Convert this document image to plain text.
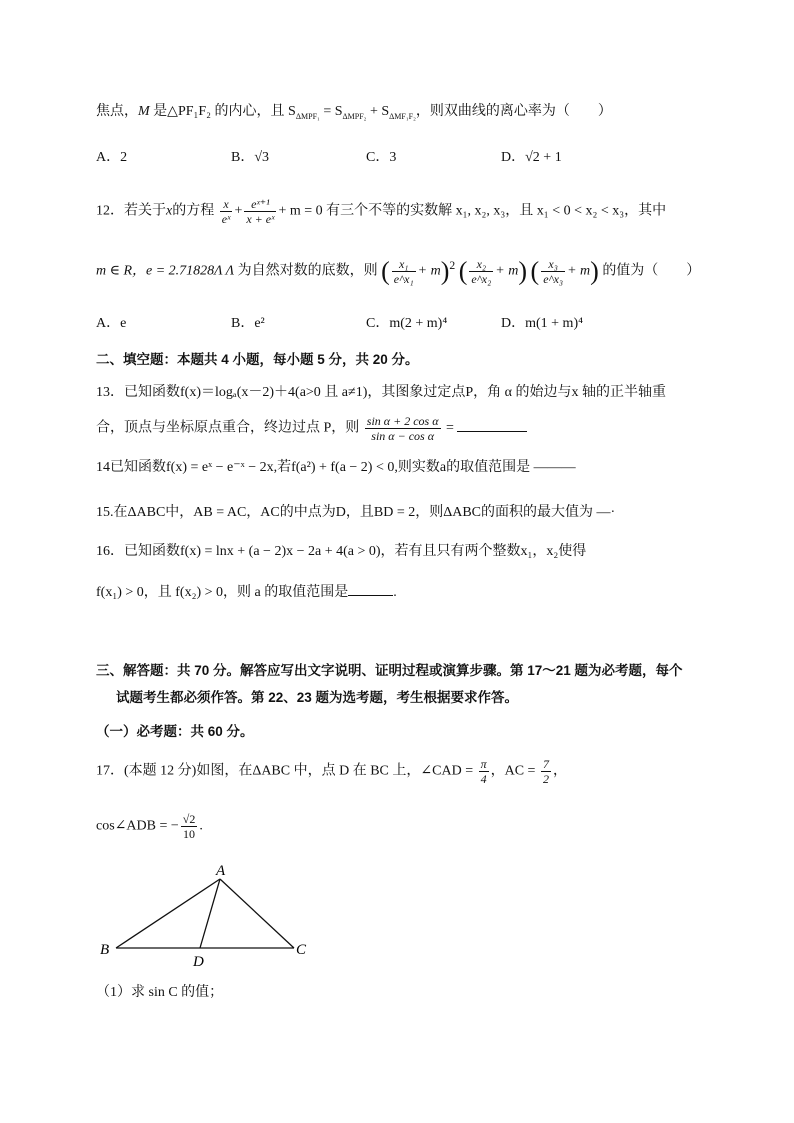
焦点，M 是△PF₁F₂ 的内心，且 $S_{\Delta MPF_1} = S_{\Delta MPF_2} + S_{\Delta MF_1F_2}$，则双曲线的离心率为（　　）
A．2	B．√3	C．3	D．√2 + 1
12．若关于x的方程 $\frac{x}{\text{eˣ}} + \frac{\text{eˣ⁺¹}}{\text{x + eˣ}} + m = 0$ 有三个不等的实数解 x₁, x₂, x₃，且 x₁ < 0 < x₂ < x₃，其中
m ∈ R，e = 2.71828Λ Λ 为自然对数的底数，则 ( $\frac{\text{x₁}}{\text{e\textasciicircum{}x₁}} + m)^2$ ( $\frac{\text{x₂}}{\text{e\textasciicircum{}x₂}} + m$) ( $\frac{\text{x₃}}{\text{e\textasciicircum{}x₃}} + m$) 的值为（　　）
A．e	B．e²	C．m(2 + m)⁴	D．m(1 + m)⁴
二、填空题：本题共 4 小题，每小题 5 分，共 20 分。
13．已知函数f(x)＝logₐ(x－2)＋4(a>0 且 a≠1)，其图象过定点P，角 α 的始边与x 轴的正半轴重
合，顶点与坐标原点重合，终边过点 P，则 $\frac{\text{sin α + 2 cos α}}{\text{sin α − cos α}}$ =
14已知函数f(x) = eˣ − e⁻ˣ − 2x,若f(a²) + f(a − 2) < 0,则实数a的取值范围是 ———
15.在ΔABC中，AB = AC，AC的中点为D，且BD = 2，则ΔABC的面积的最大值为 —·
16．已知函数f(x) = lnx + (a − 2)x − 2a + 4(a > 0)，若有且只有两个整数x₁，x₂使得
f(x₁) > 0，且 f(x₂) > 0，则 a 的取值范围是	.
三、解答题：共 70 分。解答应写出文字说明、证明过程或演算步骤。第 17～21 题为必考题，每个
试题考生都必须作答。第 22、23 题为选考题，考生根据要求作答。
（一）必考题：共 60 分。
17．(本题 12 分)如图，在ΔABC 中，点 D 在 BC 上，∠CAD = $\frac{\pi}{4}$ ，AC = $\frac{7}{2}$ ，
cos∠ADB = − $\frac{√2}{10}$ .
A
B	C
D
（1）求 sin C 的值；
